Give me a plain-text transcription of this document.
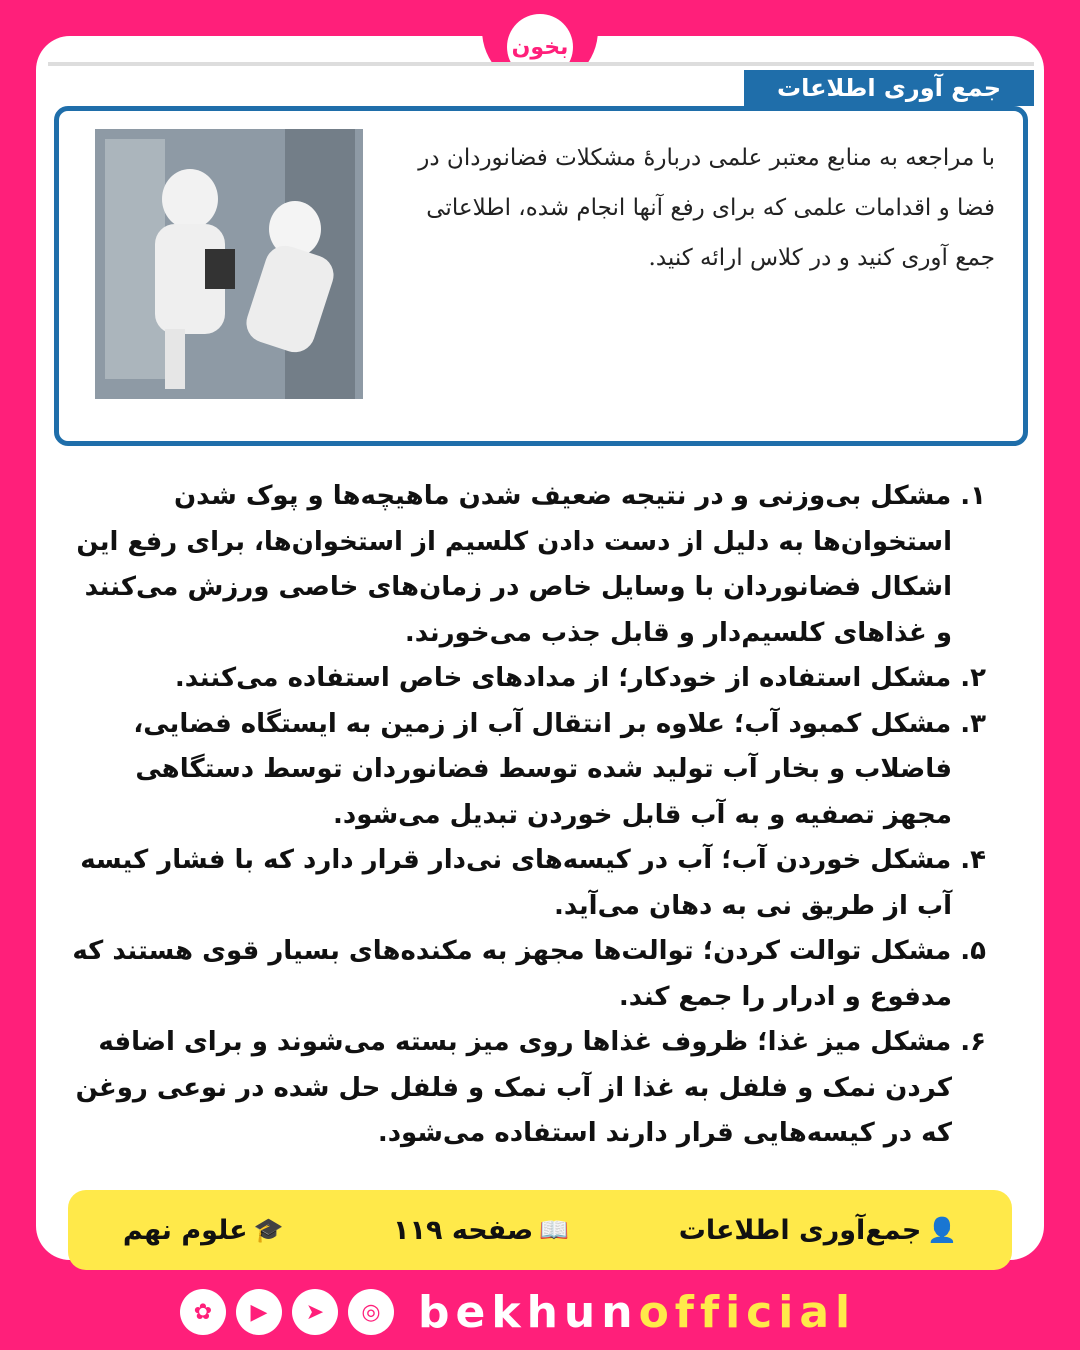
بخون
جمع آوری اطلاعات
با مراجعه به منابع معتبر علمی دربارهٔ مشکلات فضانوردان در فضا و اقدامات علمی که برای رفع آنها انجام شده، اطلاعاتی جمع آوری کنید و در کلاس ارائه کنید.

۱. مشکل بی‌وزنی و در نتیجه ضعیف شدن ماهیچه‌ها و پوک شدن استخوان‌ها به دلیل از دست دادن کلسیم از استخوان‌ها، برای رفع این اشکال فضانوردان با وسایل خاص در زمان‌های خاصی ورزش می‌کنند و غذاهای کلسیم‌دار و قابل جذب می‌خورند.

۲. مشکل استفاده از خودکار؛ از مدادهای خاص استفاده می‌کنند.

۳. مشکل کمبود آب؛ علاوه بر انتقال آب از زمین به ایستگاه فضایی، فاضلاب و بخار آب تولید شده توسط فضانوردان توسط دستگاهی مجهز تصفیه و به آب قابل خوردن تبدیل می‌شود.

۴. مشکل خوردن آب؛ آب در کیسه‌های نی‌دار قرار دارد که با فشار کیسه آب از طریق نی به دهان می‌آید.

۵. مشکل توالت کردن؛ توالت‌ها مجهز به مکنده‌های بسیار قوی هستند که مدفوع و ادرار را جمع کند.

۶. مشکل میز غذا؛ ظروف غذاها روی میز بسته می‌شوند و برای اضافه کردن نمک و فلفل به غذا از آب نمک و فلفل حل شده در نوعی روغن که در کیسه‌هایی قرار دارند استفاده می‌شود.

👤
جمع‌آوری اطلاعات
📖
صفحه ۱۱۹
🎓
علوم نهم
✿	▶	➤	◎ bekhunofficial
